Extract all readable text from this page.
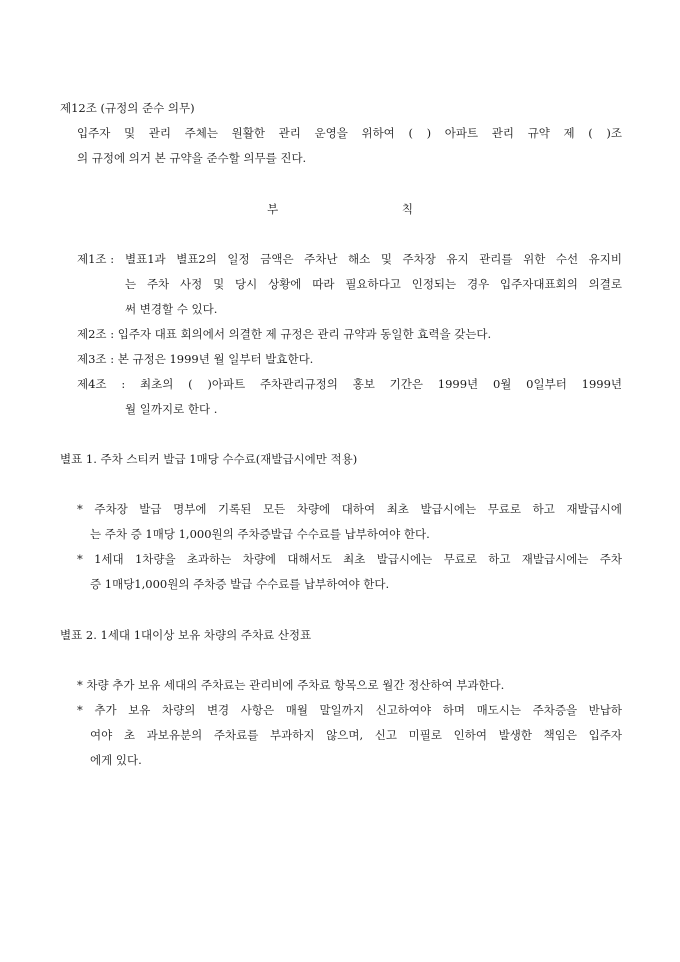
제12조 (규정의 준수 의무)
입주자 및 관리 주체는 원활한 관리 운영을 위하여 ( ) 아파트 관리 규약 제 ( )조
의 규정에 의거 본 규약을 준수할 의무를 진다.
부 칙
제1조 : 별표1과 별표2의 일정 금액은 주차난 해소 및 주차장 유지 관리를 위한 수선 유지비
는 주차 사정 및 당시 상황에 따라 필요하다고 인정되는 경우 입주자대표회의 의결로
써 변경할 수 있다.
제2조 : 입주자 대표 회의에서 의결한 제 규정은 관리 규약과 동일한 효력을 갖는다.
제3조 : 본 규정은 1999년 월 일부터 발효한다.
제4조 : 최초의 ( )아파트 주차관리규정의 홍보 기간은 1999년 0월 0일부터 1999년
월 일까지로 한다 .
별표 1. 주차 스티커 발급 1매당 수수료(재발급시에만 적용)
* 주차장 발급 명부에 기록된 모든 차량에 대하여 최초 발급시에는 무료로 하고 재발급시에
는 주차 증 1매당 1,000원의 주차증발급 수수료를 납부하여야 한다.
* 1세대 1차량을 초과하는 차량에 대해서도 최초 발급시에는 무료로 하고 재발급시에는 주차
증 1매당1,000원의 주차증 발급 수수료를 납부하여야 한다.
별표 2. 1세대 1대이상 보유 차량의 주차료 산정표
* 차량 추가 보유 세대의 주차료는 관리비에 주차료 항목으로 월간 정산하여 부과한다.
* 추가 보유 차량의 변경 사항은 매월 말일까지 신고하여야 하며 매도시는 주차증을 반납하
여야 초 과보유분의 주차료를 부과하지 않으며, 신고 미필로 인하여 발생한 책임은 입주자
에게 있다.
